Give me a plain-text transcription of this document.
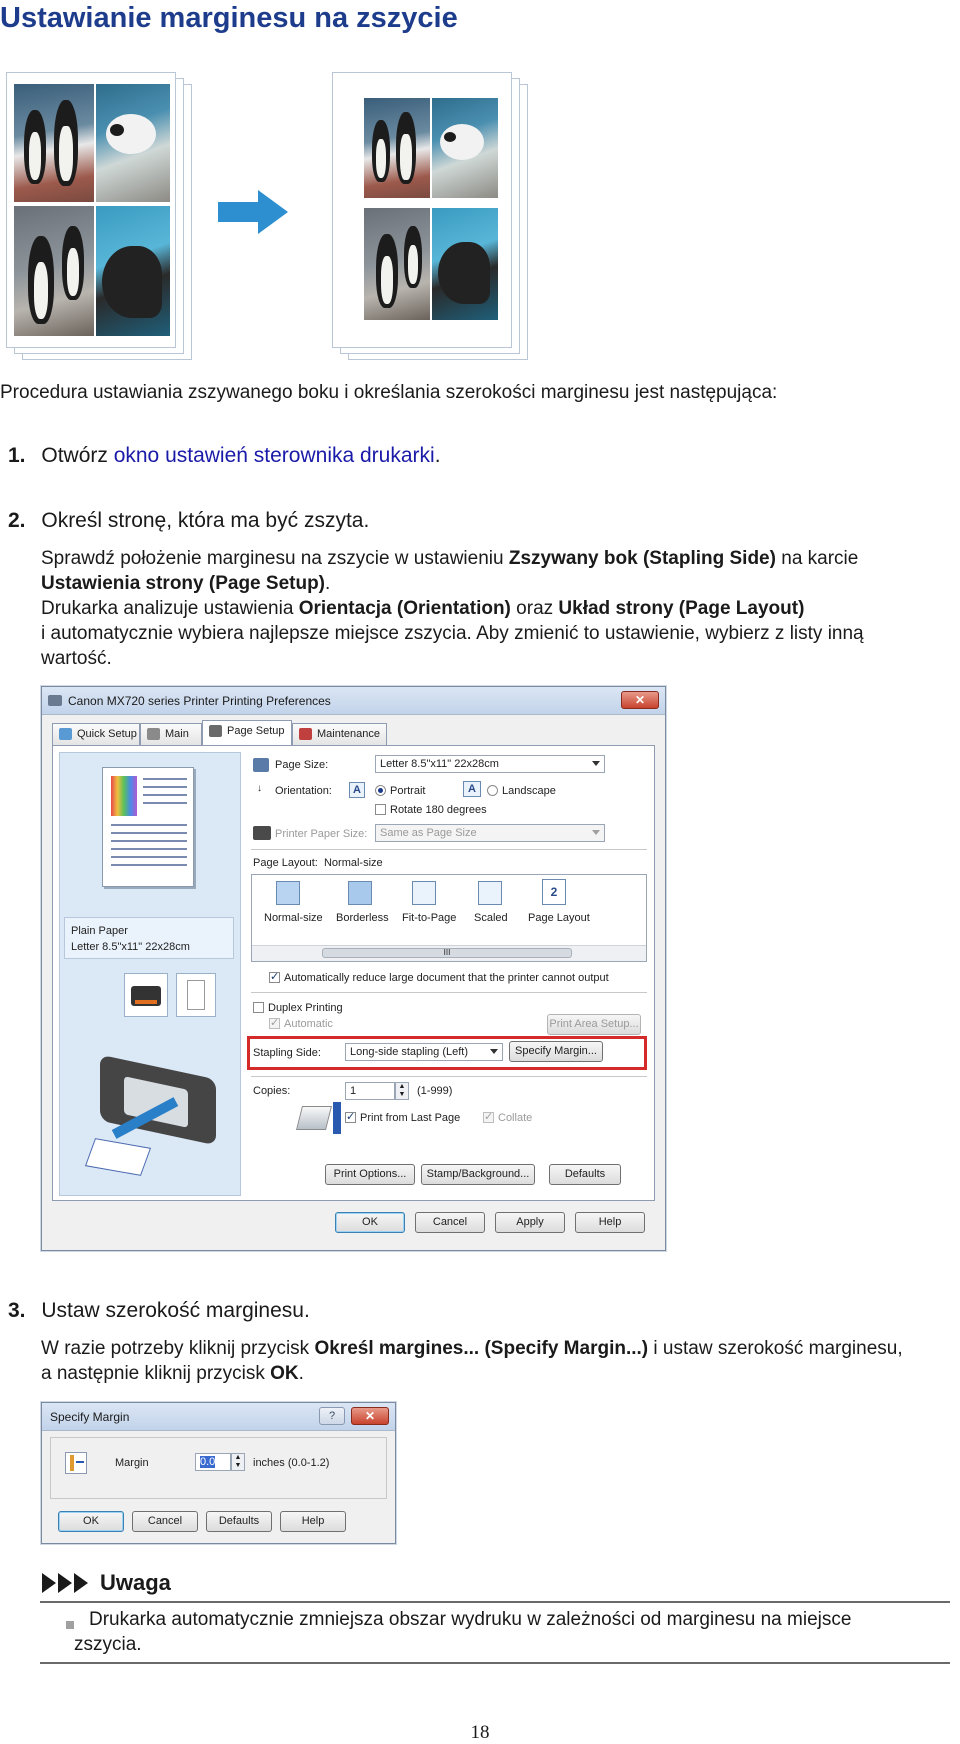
Ustawianie marginesu na zszycie
Procedura ustawiania zszywanego boku i określania szerokości marginesu jest następująca:
1. Otwórz okno ustawień sterownika drukarki.
2. Określ stronę, która ma być zszyta.
Sprawdź położenie marginesu na zszycie w ustawieniu Zszywany bok (Stapling Side) na karcie
Ustawienia strony (Page Setup).
Drukarka analizuje ustawienia Orientacja (Orientation) oraz Układ strony (Page Layout)
i automatycznie wybiera najlepsze miejsce zszycia. Aby zmienić to ustawienie, wybierz z listy inną
wartość.
Canon MX720 series Printer Printing Preferences	✕
Quick Setup	Main	Page Setup	Maintenance
Plain Paper
Letter 8.5"x11" 22x28cm
Page Size:	Letter 8.5"x11" 22x28cm
↓ Orientation:	A	Portrait	A	Landscape
Rotate 180 degrees
Printer Paper Size:	Same as Page Size
Page Layout: Normal-size
Normal-size Borderless Fit-to-Page Scaled
2
Page Layout
III
✓
Automatically reduce large document that the printer cannot output
Duplex Printing
✓
Automatic	Print Area Setup...
Stapling Side:	Long-side stapling (Left)	Specify Margin...
Copies:	1	▲
▼	(1-999)
✓
Print from Last Page
✓	Collate
Print Options...	Stamp/Background...	Defaults
OK	Cancel	Apply	Help
3. Ustaw szerokość marginesu.
W razie potrzeby kliknij przycisk Określ margines... (Specify Margin...) i ustaw szerokość marginesu,
a następnie kliknij przycisk OK.
Specify Margin	?	✕
Margin	0.0	▲
▼	inches (0.0-1.2)
OK	Cancel	Defaults	Help
Uwaga
Drukarka automatycznie zmniejsza obszar wydruku w zależności od marginesu na miejsce
zszycia.
18
